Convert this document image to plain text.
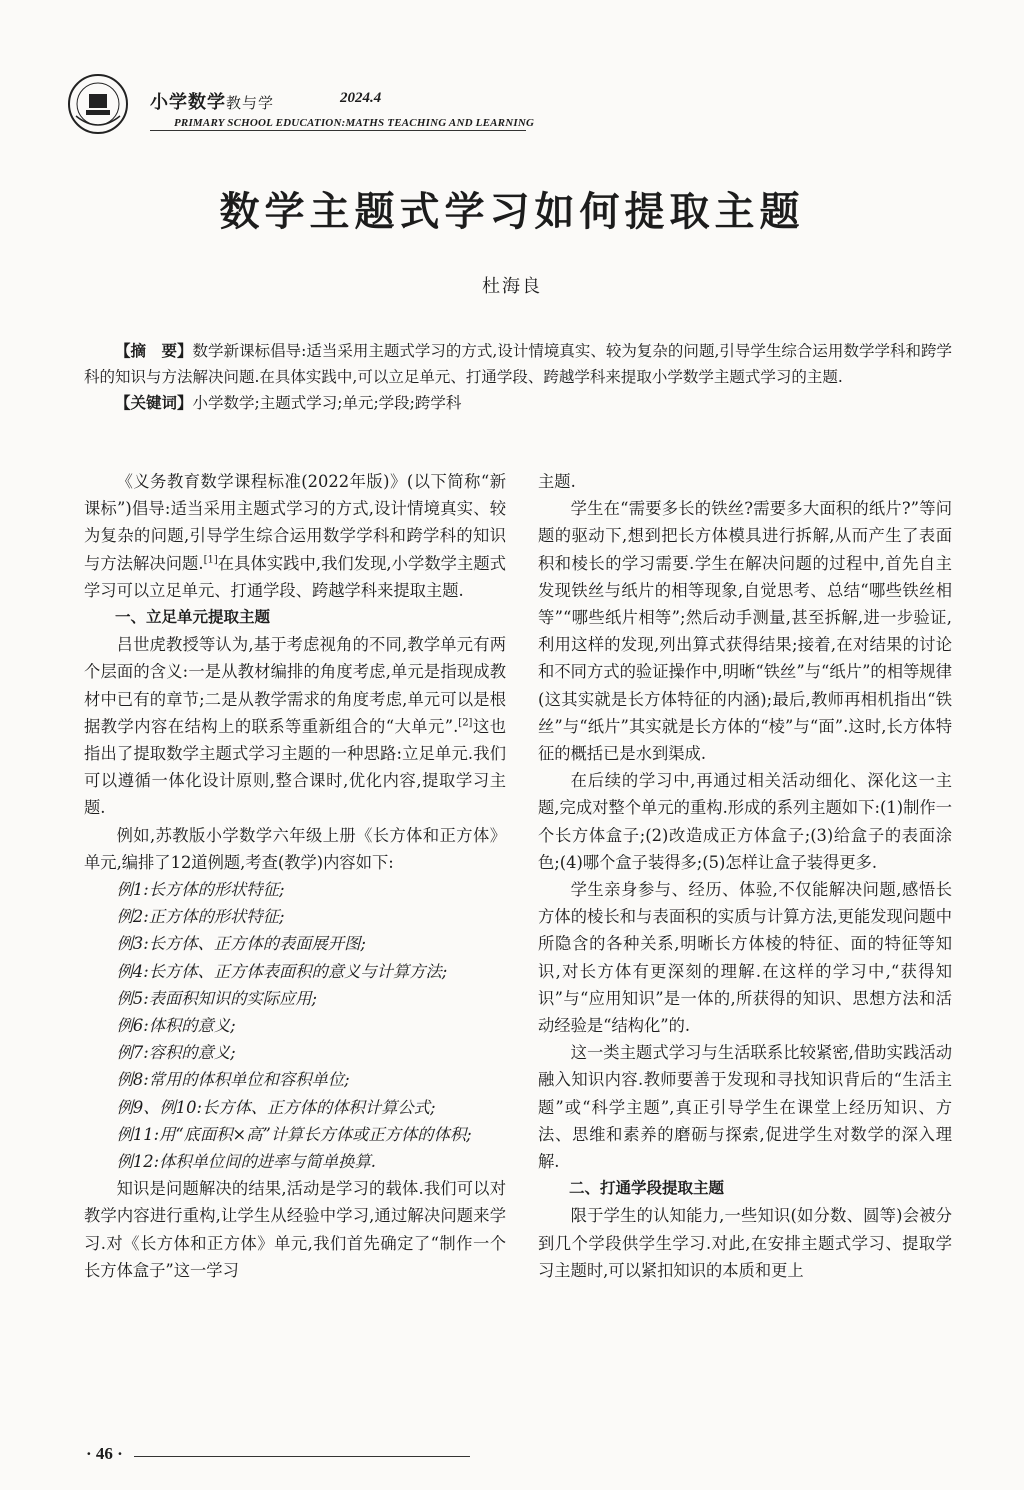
小学数学教与学	2024.4
PRIMARY SCHOOL EDUCATION:MATHS TEACHING AND LEARNING
数学主题式学习如何提取主题
杜海良

【摘　要】数学新课标倡导:适当采用主题式学习的方式,设计情境真实、较为复杂的问题,引导学生综合运用数学学科和跨学科的知识与方法解决问题.在具体实践中,可以立足单元、打通学段、跨越学科来提取小学数学主题式学习的主题.

【关键词】小学数学;主题式学习;单元;学段;跨学科

《义务教育数学课程标准(2022年版)》(以下简称“新课标”)倡导:适当采用主题式学习的方式,设计情境真实、较为复杂的问题,引导学生综合运用数学学科和跨学科的知识与方法解决问题.[1]在具体实践中,我们发现,小学数学主题式学习可以立足单元、打通学段、跨越学科来提取主题.

一、立足单元提取主题

吕世虎教授等认为,基于考虑视角的不同,教学单元有两个层面的含义:一是从教材编排的角度考虑,单元是指现成教材中已有的章节;二是从教学需求的角度考虑,单元可以是根据教学内容在结构上的联系等重新组合的“大单元”.[2]这也指出了提取数学主题式学习主题的一种思路:立足单元.我们可以遵循一体化设计原则,整合课时,优化内容,提取学习主题.

例如,苏教版小学数学六年级上册《长方体和正方体》单元,编排了12道例题,考查(教学)内容如下:

例1:长方体的形状特征;

例2:正方体的形状特征;

例3:长方体、正方体的表面展开图;

例4:长方体、正方体表面积的意义与计算方法;

例5:表面积知识的实际应用;

例6:体积的意义;

例7:容积的意义;

例8:常用的体积单位和容积单位;

例9、例10:长方体、正方体的体积计算公式;

例11:用“底面积×高”计算长方体或正方体的体积;

例12:体积单位间的进率与简单换算.

知识是问题解决的结果,活动是学习的载体.我们可以对教学内容进行重构,让学生从经验中学习,通过解决问题来学习.对《长方体和正方体》单元,我们首先确定了“制作一个长方体盒子”这一学习

主题.

学生在“需要多长的铁丝?需要多大面积的纸片?”等问题的驱动下,想到把长方体模具进行拆解,从而产生了表面积和棱长的学习需要.学生在解决问题的过程中,首先自主发现铁丝与纸片的相等现象,自觉思考、总结“哪些铁丝相等”“哪些纸片相等”;然后动手测量,甚至拆解,进一步验证,利用这样的发现,列出算式获得结果;接着,在对结果的讨论和不同方式的验证操作中,明晰“铁丝”与“纸片”的相等规律(这其实就是长方体特征的内涵);最后,教师再相机指出“铁丝”与“纸片”其实就是长方体的“棱”与“面”.这时,长方体特征的概括已是水到渠成.

在后续的学习中,再通过相关活动细化、深化这一主题,完成对整个单元的重构.形成的系列主题如下:(1)制作一个长方体盒子;(2)改造成正方体盒子;(3)给盒子的表面涂色;(4)哪个盒子装得多;(5)怎样让盒子装得更多.

学生亲身参与、经历、体验,不仅能解决问题,感悟长方体的棱长和与表面积的实质与计算方法,更能发现问题中所隐含的各种关系,明晰长方体棱的特征、面的特征等知识,对长方体有更深刻的理解.在这样的学习中,“获得知识”与“应用知识”是一体的,所获得的知识、思想方法和活动经验是“结构化”的.

这一类主题式学习与生活联系比较紧密,借助实践活动融入知识内容.教师要善于发现和寻找知识背后的“生活主题”或“科学主题”,真正引导学生在课堂上经历知识、方法、思维和素养的磨砺与探索,促进学生对数学的深入理解.

二、打通学段提取主题

限于学生的认知能力,一些知识(如分数、圆等)会被分到几个学段供学生学习.对此,在安排主题式学习、提取学习主题时,可以紧扣知识的本质和更上

· 46 ·
